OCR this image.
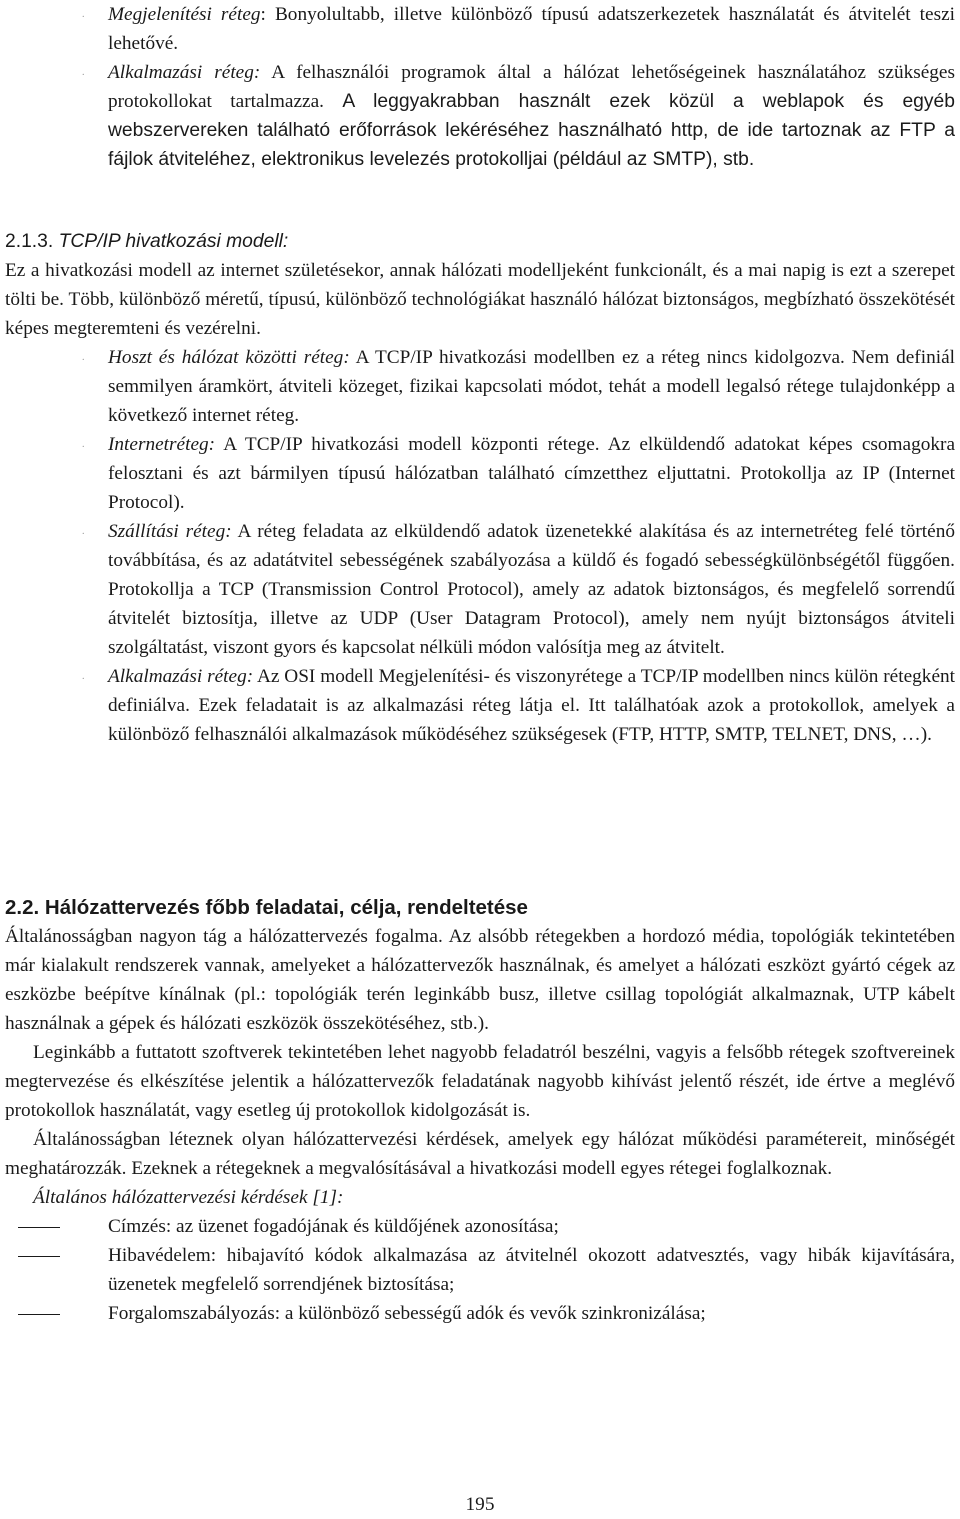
. Megjelenítési réteg: Bonyolultabb, illetve különböző típusú adatszerkezetek használatát és átvitelét teszi lehetővé.
. Alkalmazási réteg: A felhasználói programok által a hálózat lehetőségeinek használatához szükséges protokollokat tartalmazza. A leggyakrabban használt ezek közül a weblapok és egyéb webszervereken található erőforrások lekéréséhez használható http, de ide tartoznak az FTP a fájlok átviteléhez, elektronikus levelezés protokolljai (például az SMTP), stb.

2.1.3. TCP/IP hivatkozási modell:

Ez a hivatkozási modell az internet születésekor, annak hálózati modelljeként funkcionált, és a mai napig is ezt a szerepet tölti be. Több, különböző méretű, típusú, különböző technológiákat használó hálózat biztonságos, megbízható összekötését képes megteremteni és vezérelni.

. Hoszt és hálózat közötti réteg: A TCP/IP hivatkozási modellben ez a réteg nincs kidolgozva. Nem definiál semmilyen áramkört, átviteli közeget, fizikai kapcsolati módot, tehát a modell legalsó rétege tulajdonképp a következő internet réteg.
. Internetréteg: A TCP/IP hivatkozási modell központi rétege. Az elküldendő adatokat képes csomagokra felosztani és azt bármilyen típusú hálózatban található címzetthez eljuttatni. Protokollja az IP (Internet Protocol).
. Szállítási réteg: A réteg feladata az elküldendő adatok üzenetekké alakítása és az internetréteg felé történő továbbítása, és az adatátvitel sebességének szabályozása a küldő és fogadó sebességkülönbségétől függően. Protokollja a TCP (Transmission Control Protocol), amely az adatok biztonságos, és megfelelő sorrendű átvitelét biztosítja, illetve az UDP (User Datagram Protocol), amely nem nyújt biztonságos átviteli szolgáltatást, viszont gyors és kapcsolat nélküli módon valósítja meg az átvitelt.
. Alkalmazási réteg: Az OSI modell Megjelenítési- és viszonyrétege a TCP/IP modellben nincs külön rétegként definiálva. Ezek feladatait is az alkalmazási réteg látja el. Itt találhatóak azok a protokollok, amelyek a különböző felhasználói alkalmazások működéséhez szükségesek (FTP, HTTP, SMTP, TELNET, DNS, …).

2.2. Hálózattervezés főbb feladatai, célja, rendeltetése

Általánosságban nagyon tág a hálózattervezés fogalma. Az alsóbb rétegekben a hordozó média, topológiák tekintetében már kialakult rendszerek vannak, amelyeket a hálózattervezők használnak, és amelyet a hálózati eszközt gyártó cégek az eszközbe beépítve kínálnak (pl.: topológiák terén leginkább busz, illetve csillag topológiát alkalmaznak, UTP kábelt használnak a gépek és hálózati eszközök összekötéséhez, stb.).

Leginkább a futtatott szoftverek tekintetében lehet nagyobb feladatról beszélni, vagyis a felsőbb rétegek szoftvereinek megtervezése és elkészítése jelentik a hálózattervezők feladatának nagyobb kihívást jelentő részét, ide értve a meglévő protokollok használatát, vagy esetleg új protokollok kidolgozását is.

Általánosságban léteznek olyan hálózattervezési kérdések, amelyek egy hálózat működési paramétereit, minőségét meghatározzák. Ezeknek a rétegeknek a megvalósításával a hivatkozási modell egyes rétegei foglalkoznak.

Általános hálózattervezési kérdések [1]:

Címzés: az üzenet fogadójának és küldőjének azonosítása;
Hibavédelem: hibajavító kódok alkalmazása az átvitelnél okozott adatvesztés, vagy hibák kijavítására, üzenetek megfelelő sorrendjének biztosítása;
Forgalomszabályozás: a különböző sebességű adók és vevők szinkronizálása;
195
